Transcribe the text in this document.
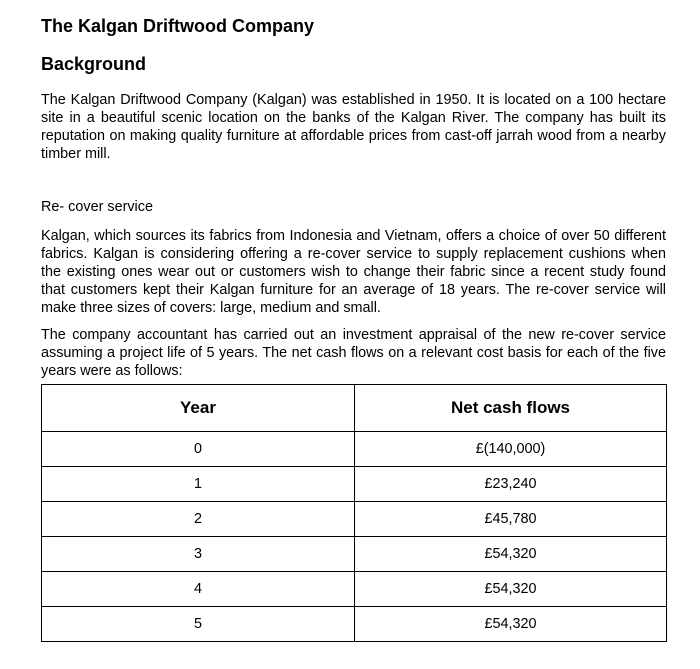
The Kalgan Driftwood Company
Background

The Kalgan Driftwood Company (Kalgan) was established in 1950. It is located on a 100 hectare site in a beautiful scenic location on the banks of the Kalgan River. The company has built its reputation on making quality furniture at affordable prices from cast-off jarrah wood from a nearby timber mill.

Re- cover service

Kalgan, which sources its fabrics from Indonesia and Vietnam, offers a choice of over 50 different fabrics. Kalgan is considering offering a re-cover service to supply replacement cushions when the existing ones wear out or customers wish to change their fabric since a recent study found that customers kept their Kalgan furniture for an average of 18 years. The re-cover service will make three sizes of covers: large, medium and small.

The company accountant has carried out an investment appraisal of the new re-cover service assuming a project life of 5 years. The net cash flows on a relevant cost basis for each of the five years were as follows:

Year	Net cash flows
0	£(140,000)
1	£23,240
2	£45,780
3	£54,320
4	£54,320
5	£54,320
